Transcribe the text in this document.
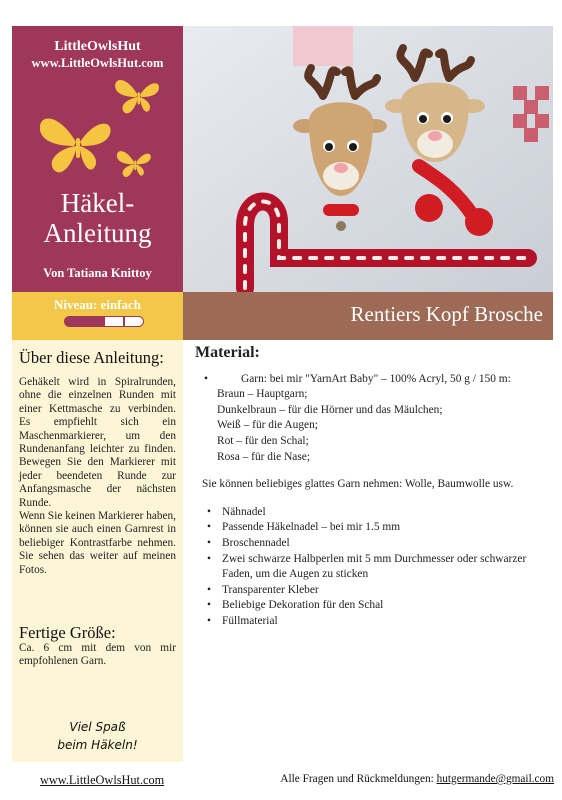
LittleOwlsHut
www.LittleOwlsHut.com
Häkel-
Anleitung
Von Tatiana Knittoy
Niveau: einfach	Rentiers Kopf Brosche
Über diese Anleitung:

Gehäkelt wird in Spiralrunden, ohne die einzelnen Runden mit einer Kettmasche zu verbinden. Es empfiehlt sich ein Maschenmarkierer, um den Rundenanfang leichter zu finden. Bewegen Sie den Markierer mit jeder beendeten Runde zur Anfangsmasche der nächsten Runde.

Wenn Sie keinen Markierer haben, können sie auch einen Garnrest in beliebiger Kontrastfarbe nehmen. Sie sehen das weiter auf meinen Fotos.

Fertige Größe:
Ca. 6 cm mit dem von mir empfohlenen Garn.
Viel Spaß
beim Häkeln!
Material:
•	Garn: bei mir "YarnArt Baby" – 100% Acryl, 50 g / 150 m:
Braun – Hauptgarn;
Dunkelbraun – für die Hörner und das Mäulchen;
Weiß – für die Augen;
Rot – für den Schal;
Rosa – für die Nase;
Sie können beliebiges glattes Garn nehmen: Wolle, Baumwolle usw.
• Nähnadel
• Passende Häkelnadel – bei mir 1.5 mm
• Broschennadel
• Zwei schwarze Halbperlen mit 5 mm Durchmesser oder schwarzer Faden, um die Augen zu sticken
• Transparenter Kleber
• Beliebige Dekoration für den Schal
• Füllmaterial
www.LittleOwlsHut.com	Alle Fragen und Rückmeldungen: hutgermande@gmail.com
